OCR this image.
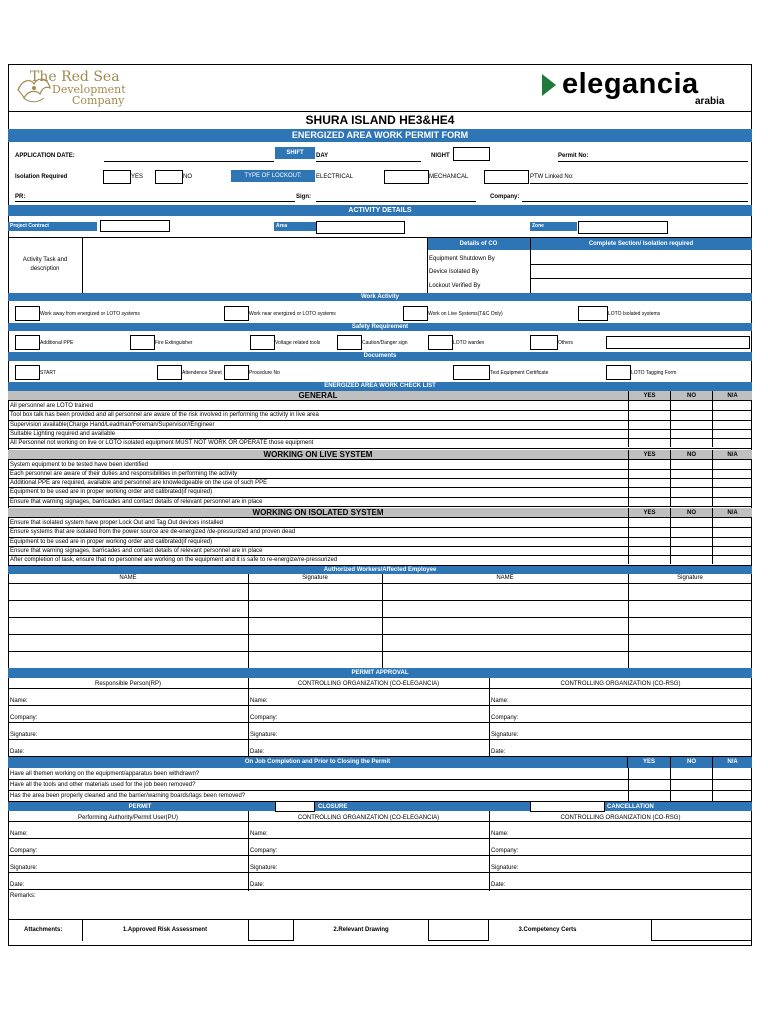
The Red Sea
Development
Company
elegancia
arabia
SHURA ISLAND HE3&HE4
ENERGIZED AREA WORK PERMIT FORM
APPLICATION DATE:	SHIFT	DAY	NIGHT	Permit No:
Isolation Required	YES	NO	TYPE OF LOCKOUT:	ELECTRICAL	MECHANICAL	PTW Linked No:
PR:	Sign:	Company:
ACTIVITY DETAILS
Project Contract	Area	Zone
Activity Task and
description
Details of CO	Complete Section/ Isolation required
Equipment Shutdown By
Device Isolated By
Lockout Verified By
Work Activity
Work away from energized or LOTO systems	Work near energized or LOTO systems	Work on Live Systems(T&C Only)	LOTO Isolated systems
Safety Requirement
Additional PPE	Fire Extinguisher	Voltage related tools	Caution/Danger sign	LOTO warden	Others
Documents
START	Attendence Sheet	Procedure No	Test Equipment Certificate	LOTO Tagging Form
ENERGIZED AREA WORK CHECK LIST
GENERAL	YES	NO	N/A
All personnel are LOTO trained
Tool box talk has been provided and all personnel are aware of the risk involved in performing the activity in live area
Supervision available(Charge Hand/Leadman/Foreman/Supervisor//Engineer
Suitable Lighting required and available
All Personnel not working on live or LOTO isolated equipment MUST NOT WORK OR OPERATE those equipment
WORKING ON LIVE SYSTEM	YES	NO	N/A
System equipment to be tested have been identified
Each personnel are aware of their duties and responsibilities in performing the activity
Additional PPE are required, available and personnel are knowledgeable on the use of such PPE
Equipment to be used are in proper working order and calibrated(if required)
Ensure that warning signages, barricades and contact details of relevant personnel are in place
WORKING ON ISOLATED SYSTEM	YES	NO	N/A
Ensure that isolated system have proper Lock Out and Tag Out devices installed
Ensure systems that are isolated from the power source are de-energized /de-pressurized and proven dead
Equipment to be used are in proper working order and calibrated(if required)
Ensure that warning signages, barricades and contact details of relevant personnel are in place
After completion of task, ensure that no personnel are working on the equipment and it is safe to re-energize/re-pressurized
Authorized Workers/Affected Employee
NAME	Signature	NAME	Signature
PERMIT APPROVAL
Responsible Person(RP)	CONTROLLING ORGANIZATION (CO-ELEGANCIA)	CONTROLLING ORGANIZATION (CO-RSG)
Name:	Name:	Name:
Company:	Company:	Company:
Signature:	Signature:	Signature:
Date:	Date:	Date:
On Job Completion and Prior to Closing the Permit	YES	NO	N/A
Have all themen working on the equipment/apparatus been withdrawn?
Have all the tools and other materials used for the job been removed?
Has the area been properly cleaned and the barrier/warning boards/tags been removed?
PERMIT	CLOSURE	CANCELLATION
Performing Authority/Permit User(PU)	CONTROLLING ORGANIZATION (CO-ELEGANCIA)	CONTROLLING ORGANIZATION (CO-RSG)
Name:	Name:	Name:
Company:	Company:	Company:
Signature:	Signature:	Signature:
Date:	Date:	Date:
Remarks:
Attachments:	1.Approved Risk Assessment	2.Relevant Drawing	3.Competency Certs
